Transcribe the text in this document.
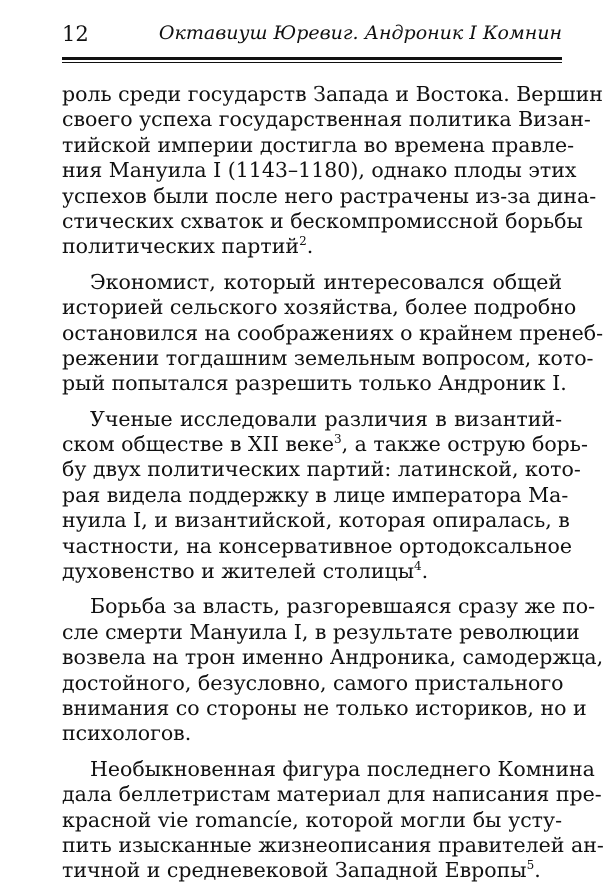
12	Октавиуш Юревиг. Андроник I Комнин
роль среди государств Запада и Востока. Вершин
своего успеха государственная политика Визан-
тийской империи достигла во времена правле-
ния Мануила I (1143–1180), однако плоды этих
успехов были после него растрачены из-за дина-
стических схваток и бескомпромиссной борьбы
политических партий$^2$.
Экономист, который интересовался общей
историей сельского хозяйства, более подробно
остановился на соображениях о крайнем пренеб-
режении тогдашним земельным вопросом, кото-
рый попытался разрешить только Андроник I.
Ученые исследовали различия в византий-
ском обществе в XII веке$^3$, а также острую борь-
бу двух политических партий: латинской, кото-
рая видела поддержку в лице императора Ма-
нуила I, и византийской, которая опиралась, в
частности, на консервативное ортодоксальное
духовенство и жителей столицы$^4$.
Борьба за власть, разгоревшаяся сразу же по-
сле смерти Мануила I, в результате революции
возвела на трон именно Андроника, самодержца,
достойного, безусловно, самого пристального
внимания со стороны не только историков, но и
психологов.
Необыкновенная фигура последнего Комнина
дала беллетристам материал для написания пре-
красной vie romancíe, которой могли бы усту-
пить изысканные жизнеописания правителей ан-
тичной и средневековой Западной Европы$^5$.
